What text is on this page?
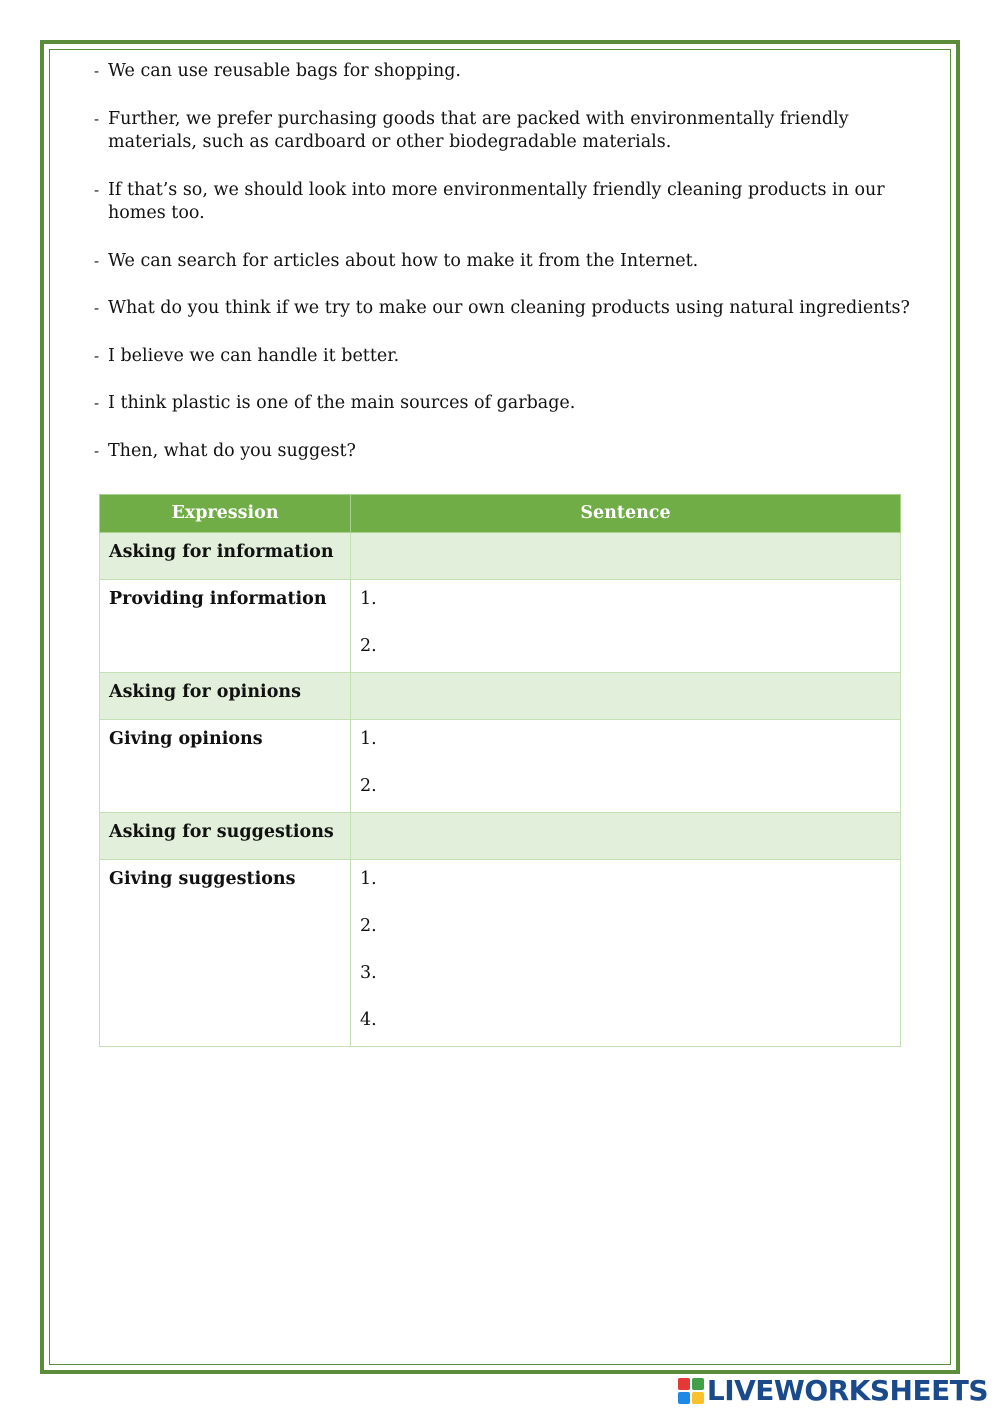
- We can use reusable bags for shopping.
- Further, we prefer purchasing goods that are packed with environmentally friendly materials, such as cardboard or other biodegradable materials.
- If that’s so, we should look into more environmentally friendly cleaning products in our homes too.
- We can search for articles about how to make it from the Internet.
- What do you think if we try to make our own cleaning products using natural ingredients?
- I believe we can handle it better.
- I think plastic is one of the main sources of garbage.
- Then, what do you suggest?
Expression	Sentence
Asking for information	
Providing information	1.
2.

Asking for opinions	
Giving opinions	1.
2.

Asking for suggestions	
Giving suggestions	1.
2.
3.
4.
LIVEWORKSHEETS
